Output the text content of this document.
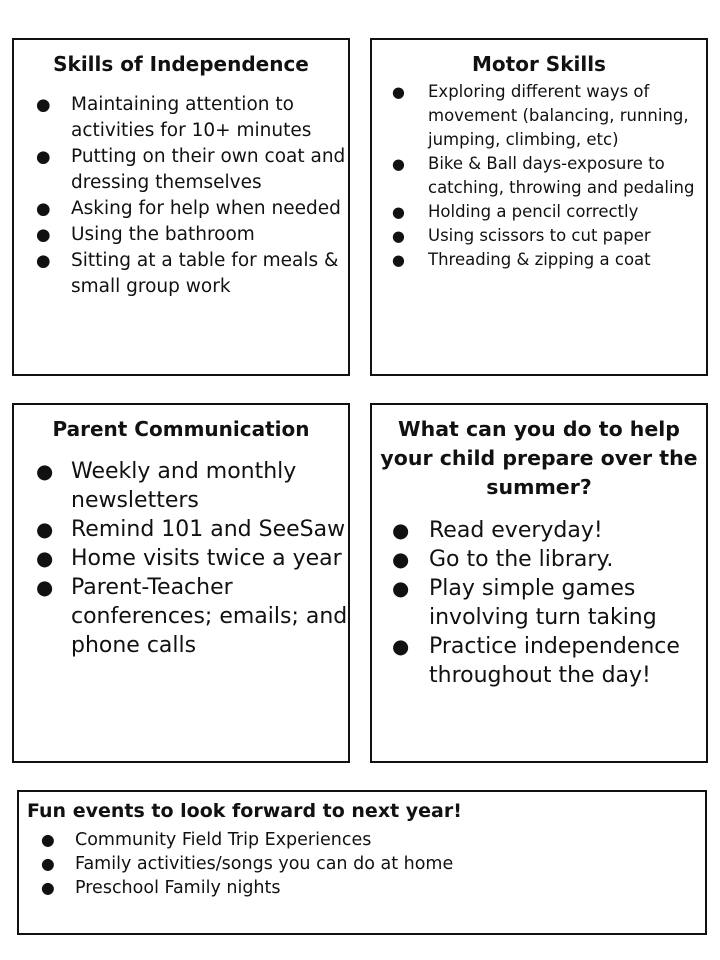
Skills of Independence
● Maintaining attention to activities for 10+ minutes
● Putting on their own coat and dressing themselves
● Asking for help when needed
● Using the bathroom
● Sitting at a table for meals & small group work
Motor Skills
● Exploring different ways of movement (balancing, running, jumping, climbing, etc)
● Bike & Ball days-exposure to catching, throwing and pedaling
● Holding a pencil correctly
● Using scissors to cut paper
● Threading & zipping a coat
Parent Communication
● Weekly and monthly newsletters
● Remind 101 and SeeSaw
● Home visits twice a year
● Parent-Teacher conferences; emails; and phone calls
What can you do to help your child prepare over the summer?
● Read everyday!
● Go to the library.
● Play simple games involving turn taking
● Practice independence throughout the day!
Fun events to look forward to next year!
● Community Field Trip Experiences
● Family activities/songs you can do at home
● Preschool Family nights
